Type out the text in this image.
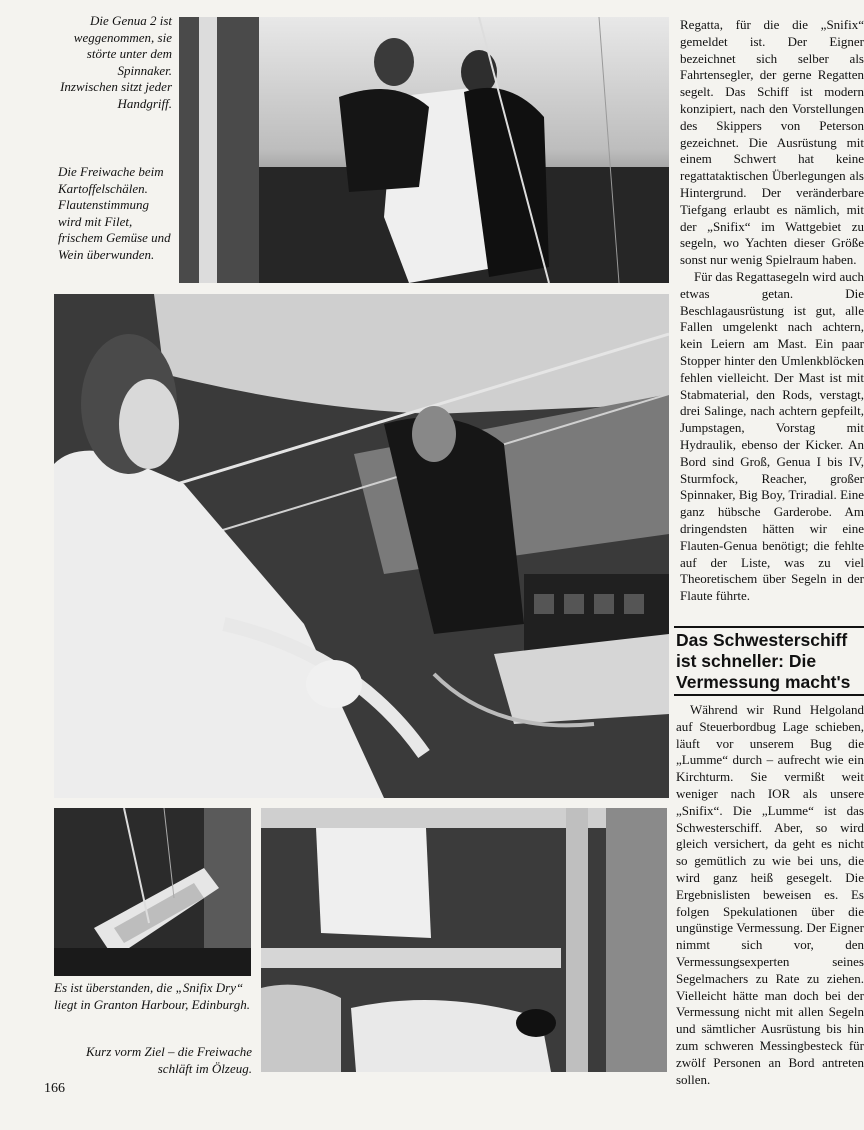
Die Genua 2 ist weggenommen, sie störte unter dem Spinnaker. Inzwischen sitzt jeder Handgriff.
Die Freiwache beim Kartoffelschälen. Flautenstimmung wird mit Filet, frischem Gemüse und Wein überwunden.
Es ist überstanden, die „Snifix Dry“ liegt in Granton Harbour, Edinburgh.
Kurz vorm Ziel – die Freiwache schläft im Ölzeug.

Regatta, für die die „Snifix“ gemeldet ist. Der Eigner bezeichnet sich selber als Fahrtensegler, der gerne Regatten segelt. Das Schiff ist modern konzipiert, nach den Vorstellungen des Skippers von Peterson gezeichnet. Die Ausrüstung mit einem Schwert hat keine regattataktischen Überlegungen als Hintergrund. Der veränderbare Tiefgang erlaubt es nämlich, mit der „Snifix“ im Wattgebiet zu segeln, wo Yachten dieser Größe sonst nur wenig Spielraum haben.

Für das Regattasegeln wird auch etwas getan. Die Beschlagausrüstung ist gut, alle Fallen umgelenkt nach achtern, kein Leiern am Mast. Ein paar Stopper hinter den Umlenkblöcken fehlen vielleicht. Der Mast ist mit Stabmaterial, den Rods, verstagt, drei Salinge, nach achtern gepfeilt, Jumpstagen, Vorstag mit Hydraulik, ebenso der Kicker. An Bord sind Groß, Genua I bis IV, Sturmfock, Reacher, großer Spinnaker, Big Boy, Triradial. Eine ganz hübsche Garderobe. Am dringendsten hätten wir eine Flauten-Genua benötigt; die fehlte auf der Liste, was zu viel Theoretischem über Segeln in der Flaute führte.

Das Schwesterschiff ist schneller: Die Vermessung macht's

Während wir Rund Helgoland auf Steuerbordbug Lage schieben, läuft vor unserem Bug die „Lumme“ durch – aufrecht wie ein Kirchturm. Sie vermißt weit weniger nach IOR als unsere „Snifix“. Die „Lumme“ ist das Schwesterschiff. Aber, so wird gleich versichert, da geht es nicht so gemütlich zu wie bei uns, die wird ganz heiß gesegelt. Die Ergebnislisten beweisen es. Es folgen Spekulationen über die ungünstige Vermessung. Der Eigner nimmt sich vor, den Vermessungsexperten seines Segelmachers zu Rate zu ziehen. Vielleicht hätte man doch bei der Vermessung nicht mit allen Segeln und sämtlicher Ausrüstung bis hin zum schweren Messingbesteck für zwölf Personen an Bord antreten sollen.

166
